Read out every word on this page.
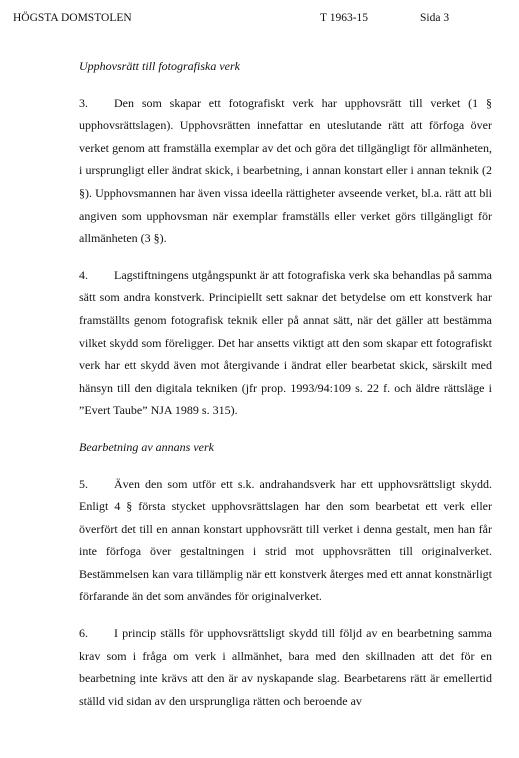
HÖGSTA DOMSTOLEN	T 1963-15	Sida 3

Upphovsrätt till fotografiska verk

3. Den som skapar ett fotografiskt verk har upphovsrätt till verket (1 § upphovsrättslagen). Upphovsrätten innefattar en uteslutande rätt att förfoga över verket genom att framställa exemplar av det och göra det tillgängligt för allmänheten, i ursprungligt eller ändrat skick, i bearbetning, i annan konstart eller i annan teknik (2 §). Upphovsmannen har även vissa ideella rättigheter avseende verket, bl.a. rätt att bli angiven som upphovsman när exemplar framställs eller verket görs tillgängligt för allmänheten (3 §).

4. Lagstiftningens utgångspunkt är att fotografiska verk ska behandlas på samma sätt som andra konstverk. Principiellt sett saknar det betydelse om ett konstverk har framställts genom fotografisk teknik eller på annat sätt, när det gäller att bestämma vilket skydd som föreligger. Det har ansetts viktigt att den som skapar ett fotografiskt verk har ett skydd även mot återgivande i ändrat eller bearbetat skick, särskilt med hänsyn till den digitala tekniken (jfr prop. 1993/94:109 s. 22 f. och äldre rättsläge i ”Evert Taube” NJA 1989 s. 315).

Bearbetning av annans verk

5. Även den som utför ett s.k. andrahandsverk har ett upphovsrättsligt skydd. Enligt 4 § första stycket upphovsrättslagen har den som bearbetat ett verk eller överfört det till en annan konstart upphovsrätt till verket i denna gestalt, men han får inte förfoga över gestaltningen i strid mot upphovsrätten till originalverket. Bestämmelsen kan vara tillämplig när ett konstverk återges med ett annat konstnärligt förfarande än det som användes för originalverket.

6. I princip ställs för upphovsrättsligt skydd till följd av en bearbetning samma krav som i fråga om verk i allmänhet, bara med den skillnaden att det för en bearbetning inte krävs att den är av nyskapande slag. Bearbetarens rätt är emellertid ställd vid sidan av den ursprungliga rätten och beroende av
